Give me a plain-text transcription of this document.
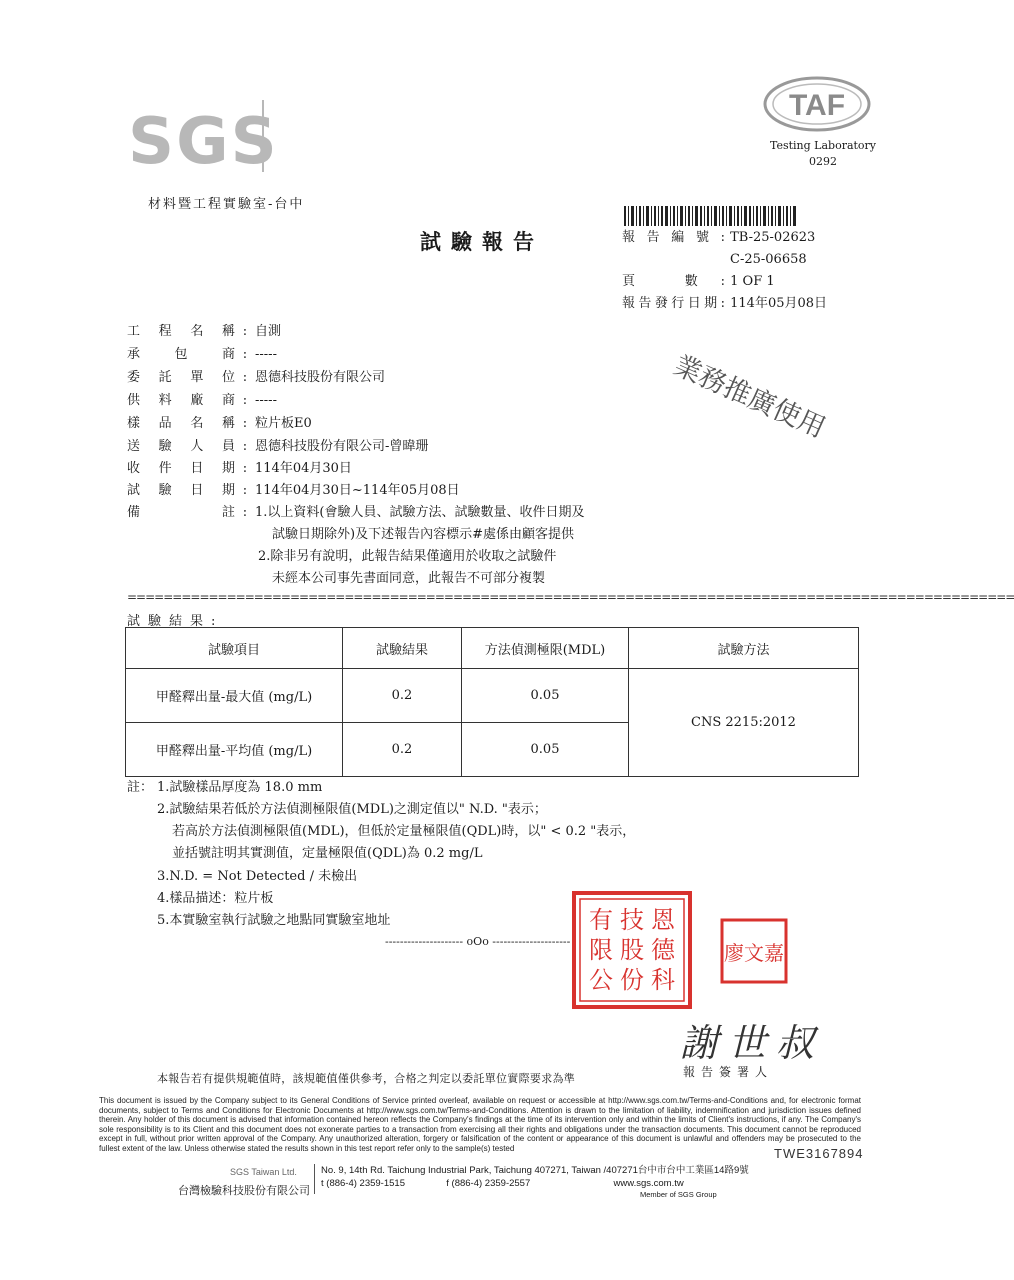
SGS
材料暨工程實驗室-台中
TAF
Testing Laboratory
0292
試驗報告	報告編號: TB-25-02623
C-25-06658
頁 數: 1 OF 1
報告發行日期: 114年05月08日
工程名稱 : 自測
承包商 : -----
委託單位 : 恩德科技股份有限公司
供料廠商 : -----
樣品名稱 : 粒片板E0
送驗人員 : 恩德科技股份有限公司-曾暐珊
收件日期 : 114年04月30日
試驗日期 : 114年04月30日~114年05月08日
備註 : 1.以上資料(會驗人員、試驗方法、試驗數量、收件日期及
試驗日期除外)及下述報告內容標示#處係由顧客提供
2.除非另有說明，此報告結果僅適用於收取之試驗件
未經本公司事先書面同意，此報告不可部分複製
==================================================================================================
試驗結果:
試驗項目	試驗結果	方法偵測極限(MDL)	試驗方法
甲醛釋出量-最大值 (mg/L)	0.2	0.05	CNS 2215:2012
甲醛釋出量-平均值 (mg/L)	0.2	0.05	
註： 1.試驗樣品厚度為 18.0 mm
2.試驗結果若低於方法偵測極限值(MDL)之測定值以" N.D. "表示；
若高於方法偵測極限值(MDL)，但低於定量極限值(QDL)時，以" < 0.2 "表示，
並括號註明其實測值，定量極限值(QDL)為 0.2 mg/L
3.N.D. = Not Detected / 未檢出
4.樣品描述：粒片板
5.本實驗室執行試驗之地點同實驗室地址
--------------------- oOo ---------------------
恩
德
科
技
股
份
有
限
公
廖文嘉
業務推廣使用
謝世叔
報告簽署人
本報告若有提供規範值時，該規範值僅供參考，合格之判定以委託單位實際要求為準
This document is issued by the Company subject to its General Conditions of Service printed overleaf, available on request or accessible at http://www.sgs.com.tw/Terms-and-Conditions and, for electronic format documents, subject to Terms and Conditions for Electronic Documents at http://www.sgs.com.tw/Terms-and-Conditions. Attention is drawn to the limitation of liability, indemnification and jurisdiction issues defined therein. Any holder of this document is advised that information contained hereon reflects the Company's findings at the time of its intervention only and within the limits of Client's instructions, if any. The Company's sole responsibility is to its Client and this document does not exonerate parties to a transaction from exercising all their rights and obligations under the transaction documents. This document cannot be reproduced except in full, without prior written approval of the Company. Any unauthorized alteration, forgery or falsification of the content or appearance of this document is unlawful and offenders may be prosecuted to the fullest extent of the law. Unless otherwise stated the results shown in this test report refer only to the sample(s) tested	TWE3167894
SGS Taiwan Ltd.
台灣檢驗科技股份有限公司
No. 9, 14th Rd. Taichung Industrial Park, Taichung 407271, Taiwan /407271台中市台中工業區14路9號
t (886-4) 2359-1515	f (886-4) 2359-2557	www.sgs.com.tw
Member of SGS Group
